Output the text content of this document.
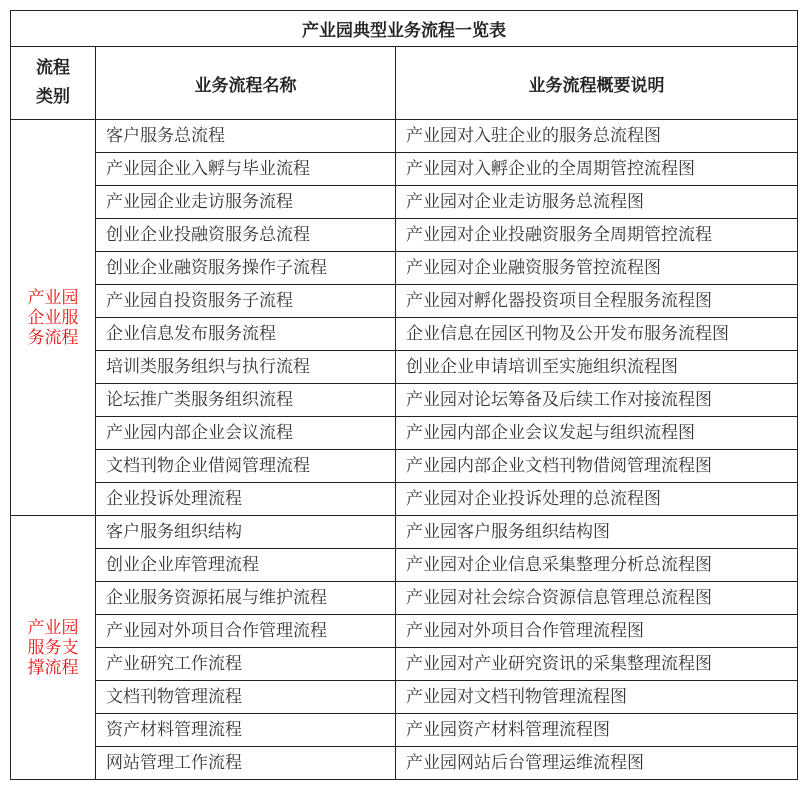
产业园典型业务流程一览表		

流程
类别	业务流程名称	业务流程概要说明

产业园
企业服
务流程	客户服务总流程	产业园对入驻企业的服务总流程图
	产业园企业入孵与毕业流程	产业园对入孵企业的全周期管控流程图
	产业园企业走访服务流程	产业园对企业走访服务总流程图
	创业企业投融资服务总流程	产业园对企业投融资服务全周期管控流程
	创业企业融资服务操作子流程	产业园对企业融资服务管控流程图
	产业园自投资服务子流程	产业园对孵化器投资项目全程服务流程图
	企业信息发布服务流程	企业信息在园区刊物及公开发布服务流程图
	培训类服务组织与执行流程	创业企业申请培训至实施组织流程图
	论坛推广类服务组织流程	产业园对论坛筹备及后续工作对接流程图
	产业园内部企业会议流程	产业园内部企业会议发起与组织流程图
	文档刊物企业借阅管理流程	产业园内部企业文档刊物借阅管理流程图
	企业投诉处理流程	产业园对企业投诉处理的总流程图

产业园
服务支
撑流程	客户服务组织结构	产业园客户服务组织结构图
	创业企业库管理流程	产业园对企业信息采集整理分析总流程图
	企业服务资源拓展与维护流程	产业园对社会综合资源信息管理总流程图
	产业园对外项目合作管理流程	产业园对外项目合作管理流程图
	产业研究工作流程	产业园对产业研究资讯的采集整理流程图
	文档刊物管理流程	产业园对文档刊物管理流程图
	资产材料管理流程	产业园资产材料管理流程图
	网站管理工作流程	产业园网站后台管理运维流程图
